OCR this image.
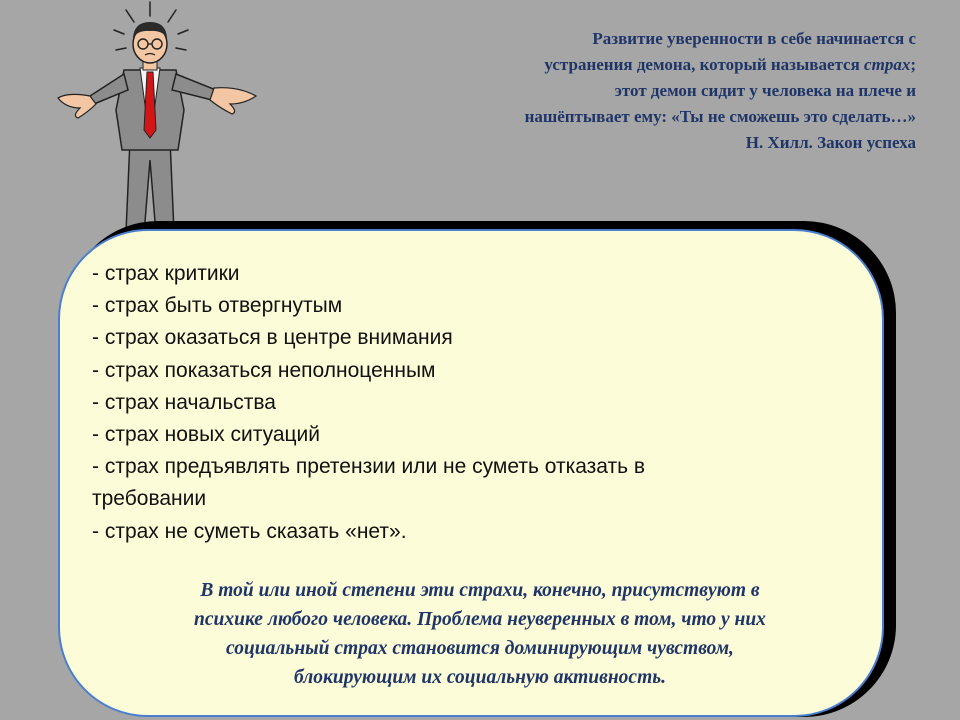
Развитие уверенности в себе начинается с
устранения демона, который называется страх;
этот демон сидит у человека на плече и
нашёптывает ему: «Ты не сможешь это сделать…»
Н. Хилл. Закон успеха
- страх критики
- страх быть отвергнутым
- страх оказаться в центре внимания
- страх показаться неполноценным
- страх начальства
- страх новых ситуаций
- страх предъявлять претензии или не суметь отказать в
требовании
- страх не суметь сказать «нет».
В той или иной степени эти страхи, конечно, присутствуют в
психике любого человека. Проблема неуверенных в том, что у них
социальный страх становится доминирующим чувством,
блокирующим их социальную активность.
